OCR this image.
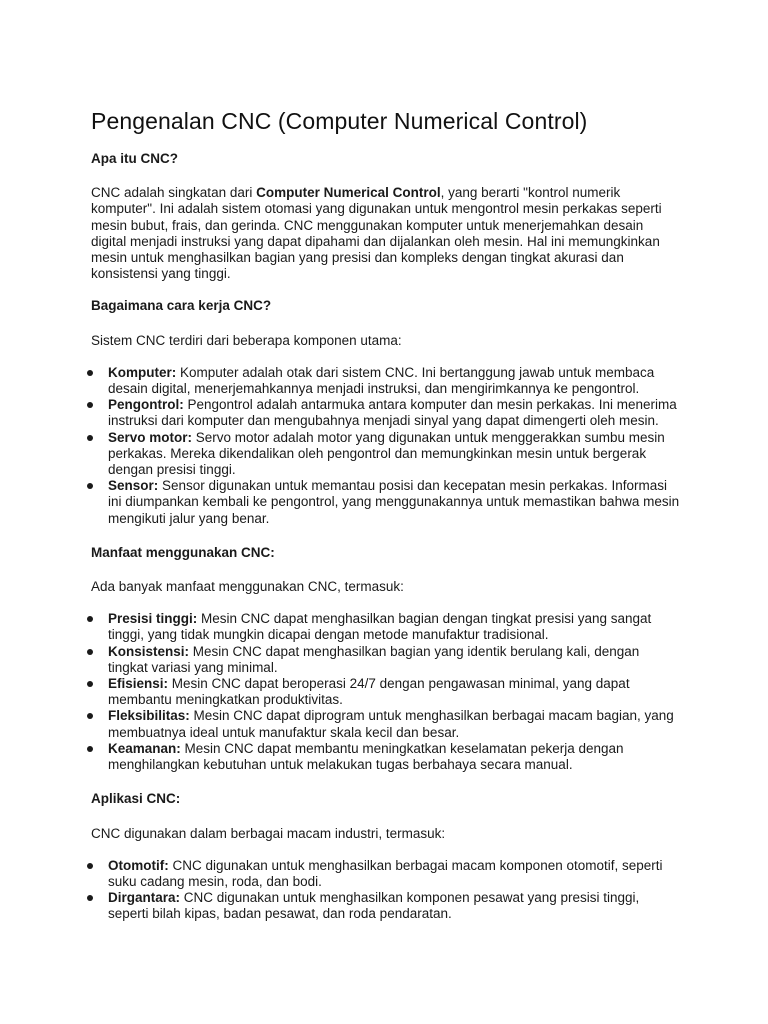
Pengenalan CNC (Computer Numerical Control)
Apa itu CNC?

CNC adalah singkatan dari Computer Numerical Control, yang berarti "kontrol numerik komputer". Ini adalah sistem otomasi yang digunakan untuk mengontrol mesin perkakas seperti mesin bubut, frais, dan gerinda. CNC menggunakan komputer untuk menerjemahkan desain digital menjadi instruksi yang dapat dipahami dan dijalankan oleh mesin. Hal ini memungkinkan mesin untuk menghasilkan bagian yang presisi dan kompleks dengan tingkat akurasi dan konsistensi yang tinggi.

Bagaimana cara kerja CNC?

Sistem CNC terdiri dari beberapa komponen utama:

Komputer: Komputer adalah otak dari sistem CNC. Ini bertanggung jawab untuk membaca desain digital, menerjemahkannya menjadi instruksi, dan mengirimkannya ke pengontrol.
Pengontrol: Pengontrol adalah antarmuka antara komputer dan mesin perkakas. Ini menerima instruksi dari komputer dan mengubahnya menjadi sinyal yang dapat dimengerti oleh mesin.
Servo motor: Servo motor adalah motor yang digunakan untuk menggerakkan sumbu mesin perkakas. Mereka dikendalikan oleh pengontrol dan memungkinkan mesin untuk bergerak dengan presisi tinggi.
Sensor: Sensor digunakan untuk memantau posisi dan kecepatan mesin perkakas. Informasi ini diumpankan kembali ke pengontrol, yang menggunakannya untuk memastikan bahwa mesin mengikuti jalur yang benar.
Manfaat menggunakan CNC:

Ada banyak manfaat menggunakan CNC, termasuk:

Presisi tinggi: Mesin CNC dapat menghasilkan bagian dengan tingkat presisi yang sangat tinggi, yang tidak mungkin dicapai dengan metode manufaktur tradisional.
Konsistensi: Mesin CNC dapat menghasilkan bagian yang identik berulang kali, dengan tingkat variasi yang minimal.
Efisiensi: Mesin CNC dapat beroperasi 24/7 dengan pengawasan minimal, yang dapat membantu meningkatkan produktivitas.
Fleksibilitas: Mesin CNC dapat diprogram untuk menghasilkan berbagai macam bagian, yang membuatnya ideal untuk manufaktur skala kecil dan besar.
Keamanan: Mesin CNC dapat membantu meningkatkan keselamatan pekerja dengan menghilangkan kebutuhan untuk melakukan tugas berbahaya secara manual.
Aplikasi CNC:

CNC digunakan dalam berbagai macam industri, termasuk:

Otomotif: CNC digunakan untuk menghasilkan berbagai macam komponen otomotif, seperti suku cadang mesin, roda, dan bodi.
Dirgantara: CNC digunakan untuk menghasilkan komponen pesawat yang presisi tinggi, seperti bilah kipas, badan pesawat, dan roda pendaratan.
